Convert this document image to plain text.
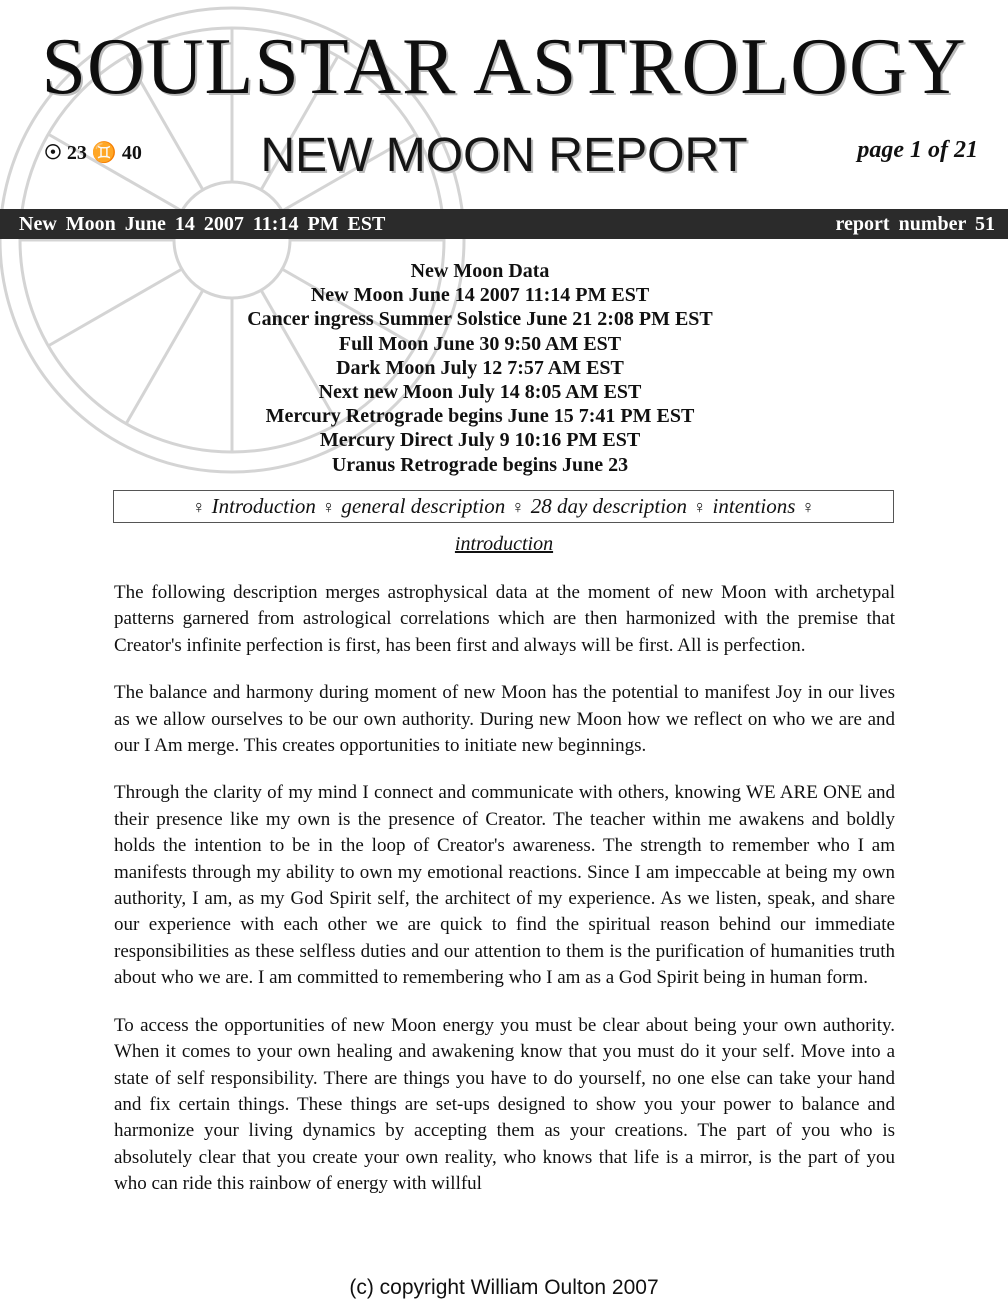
SOULSTAR ASTROLOGY
☉ 23 ♊ 40	NEW MOON REPORT	page 1 of 21
New Moon June 14 2007 11:14 PM EST	report number 51
New Moon Data
New Moon June 14 2007 11:14 PM EST
Cancer ingress Summer Solstice June 21 2:08 PM EST
Full Moon June 30 9:50 AM EST
Dark Moon July 12 7:57 AM EST
Next new Moon July 14 8:05 AM EST
Mercury Retrograde begins June 15 7:41 PM EST
Mercury Direct July 9 10:16 PM EST
Uranus Retrograde begins June 23
♀ Introduction ♀ general description ♀ 28 day description ♀ intentions ♀
introduction

The following description merges astrophysical data at the moment of new Moon with archetypal patterns garnered from astrological correlations which are then harmonized with the premise that Creator's infinite perfection is first, has been first and always will be first. All is perfection.

The balance and harmony during moment of new Moon has the potential to manifest Joy in our lives as we allow ourselves to be our own authority. During new Moon how we reflect on who we are and our I Am merge. This creates opportunities to initiate new beginnings.

Through the clarity of my mind I connect and communicate with others, knowing WE ARE ONE and their presence like my own is the presence of Creator. The teacher within me awakens and boldly holds the intention to be in the loop of Creator's awareness. The strength to remember who I am manifests through my ability to own my emotional reactions. Since I am impeccable at being my own authority, I am, as my God Spirit self, the architect of my experience. As we listen, speak, and share our experience with each other we are quick to find the spiritual reason behind our immediate responsibilities as these selfless duties and our attention to them is the purification of humanities truth about who we are. I am committed to remembering who I am as a God Spirit being in human form.

To access the opportunities of new Moon energy you must be clear about being your own authority. When it comes to your own healing and awakening know that you must do it your self. Move into a state of self responsibility. There are things you have to do yourself, no one else can take your hand and fix certain things. These things are set-ups designed to show you your power to balance and harmonize your living dynamics by accepting them as your creations. The part of you who is absolutely clear that you create your own reality, who knows that life is a mirror, is the part of you who can ride this rainbow of energy with willful

(c) copyright William Oulton 2007
